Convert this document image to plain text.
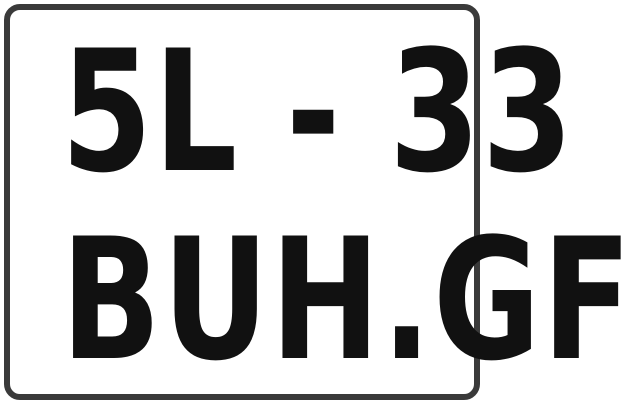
5L - 33
BUH.GF
